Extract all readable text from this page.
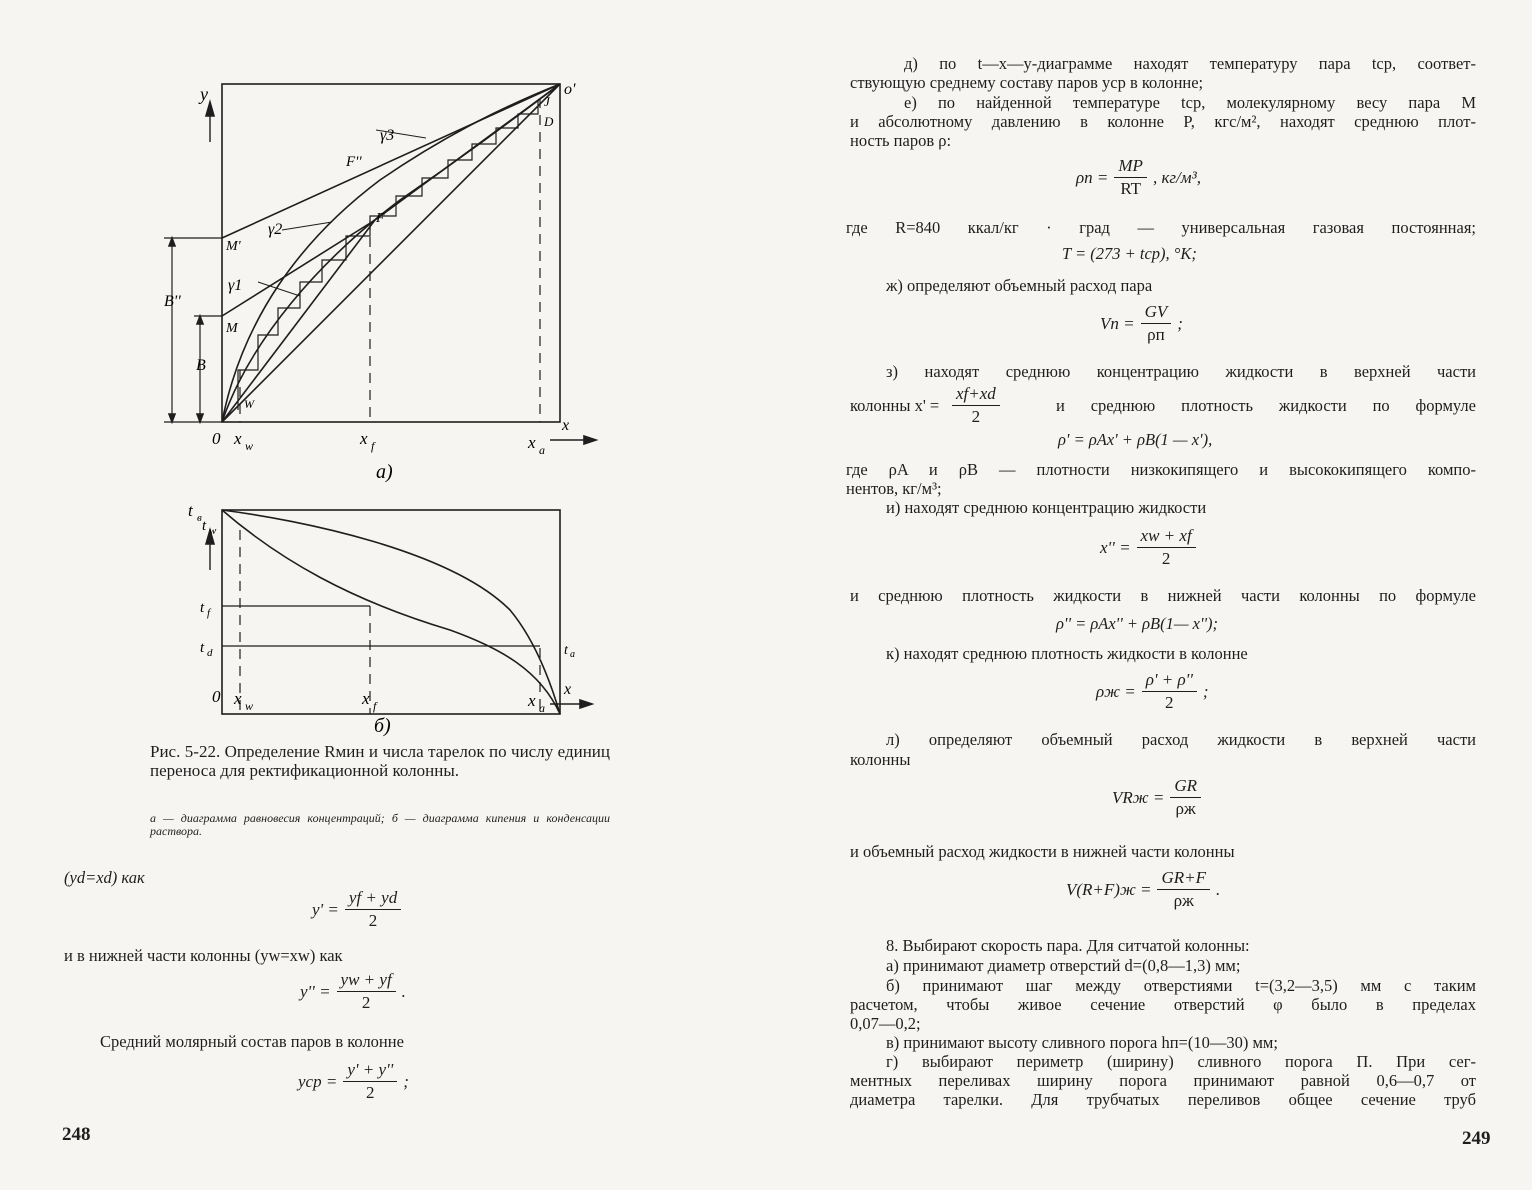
y	o'
J
D
F''
F
M'
M
W
γ1
γ2
γ3
B''
B
0 x w	x f	x a
x
а)
t в t w
t f
t d	t a
0 x w	x f	x a
x
б)
Рис. 5-22. Определение Rмин и числа тарелок по числу единиц переноса для ректификационной колонны.
а — диаграмма равновесия концентраций; б — диаграмма кипения и конденсации раствора.
(yd=xd) как
$y' = \frac{yf + yd}{2}$
и в нижней части колонны (yw=xw) как
$y'' = \frac{yw + yf}{2}$ .
Средний молярный состав паров в колонне
yср = $\frac{y' + y''}{2}$ ;
248
д) по t—x—y-диаграмме находят температуру пара tср, соответ-
ствующую среднему составу паров yср в колонне;
е) по найденной температуре tср, молекулярному весу пара M
и абсолютному давлению в колонне P, кгс/м², находят среднюю плот-
ность паров ρ:
$\rho п = \frac{MP}{RT}$ , кг/м³,
где R=840 ккал/кг · град — универсальная газовая постоянная;
T = (273 + tср), °K;
ж) определяют объемный расход пара
Vп = $\frac{GV}{\rho п}$ ;
з) находят среднюю концентрацию жидкости в верхней части
колонны $x' = \frac{xf+xd}{2}$	и среднюю плотность жидкости по формуле
ρ' = ρAx' + ρB(1 — x'),
где ρA и ρB — плотности низкокипящего и высококипящего компо-
нентов, кг/м³;
и) находят среднюю концентрацию жидкости
$x'' = \frac{xw + xf}{2}$
и среднюю плотность жидкости в нижней части колонны по формуле
ρ'' = ρAx'' + ρB(1— x'');
к) находят среднюю плотность жидкости в колонне
$\rho ж = \frac{\rho' + \rho''}{2}$ ;
л) определяют объемный расход жидкости в верхней части
колонны
VRж = $\frac{GR}{\rho ж}$
и объемный расход жидкости в нижней части колонны
$V(R+F)ж = \frac{GR+F}{\rho ж}$ .
8. Выбирают скорость пара. Для ситчатой колонны:
а) принимают диаметр отверстий d=(0,8—1,3) мм;
б) принимают шаг между отверстиями t=(3,2—3,5) мм с таким
расчетом, чтобы живое сечение отверстий φ было в пределах
0,07—0,2;
в) принимают высоту сливного порога hп=(10—30) мм;
г) выбирают периметр (ширину) сливного порога П. При сег-
ментных переливах ширину порога принимают равной 0,6—0,7 от
диаметра тарелки. Для трубчатых переливов общее сечение труб
249
